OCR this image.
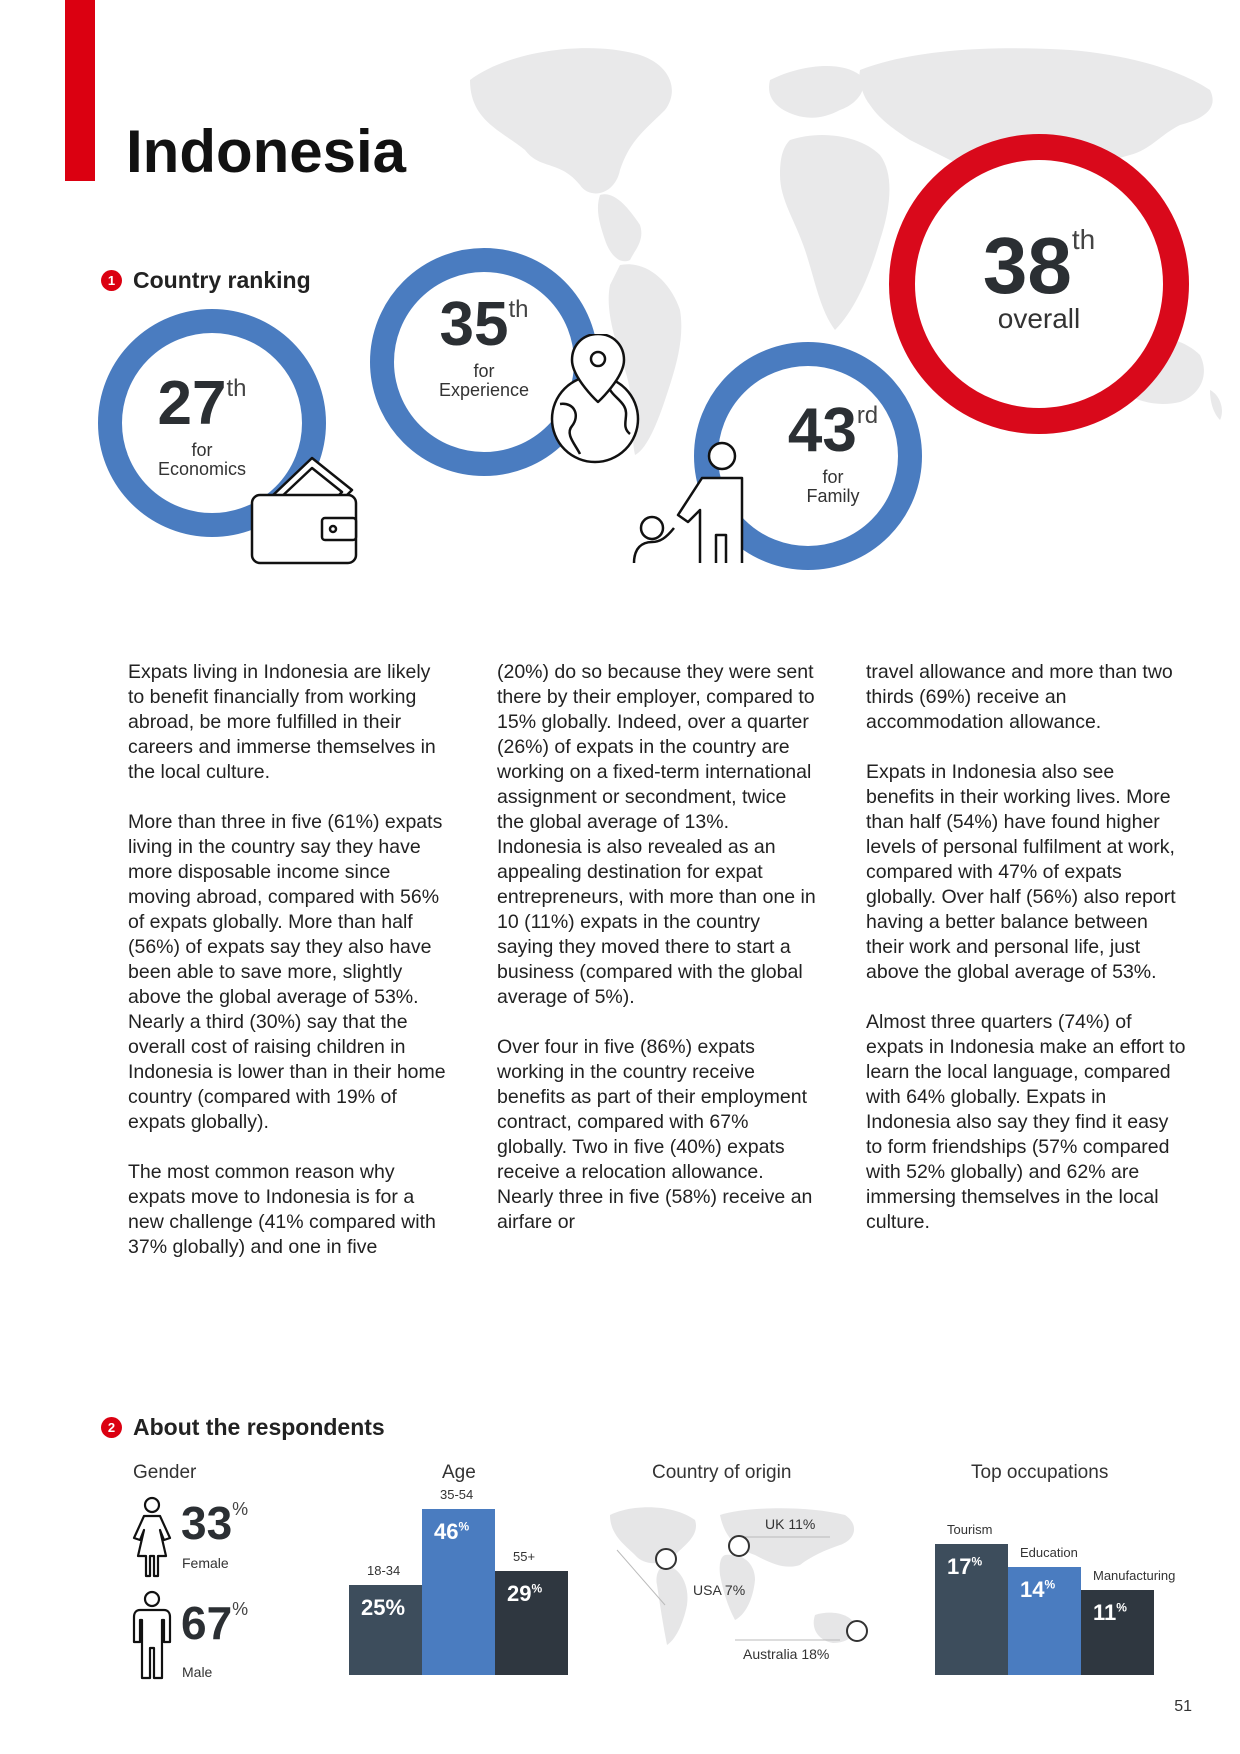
Indonesia
1 Country ranking	38th
overall
27th
for
Economics
35th
for
Experience
43rd
for
Family

Expats living in Indonesia are likely to benefit financially from working abroad, be more fulfilled in their careers and immerse themselves in the local culture.

More than three in five (61%) expats living in the country say they have more disposable income since moving abroad, compared with 56% of expats globally. More than half (56%) of expats say they also have been able to save more, slightly above the global average of 53%. Nearly a third (30%) say that the overall cost of raising children in Indonesia is lower than in their home country (compared with 19% of expats globally).

The most common reason why expats move to Indonesia is for a new challenge (41% compared with 37% globally) and one in five

(20%) do so because they were sent there by their employer, compared to 15% globally. Indeed, over a quarter (26%) of expats in the country are working on a fixed-term international assignment or secondment, twice the global average of 13%. Indonesia is also revealed as an appealing destination for expat entrepreneurs, with more than one in 10 (11%) expats in the country saying they moved there to start a business (compared with the global average of 5%).

Over four in five (86%) expats working in the country receive benefits as part of their employment contract, compared with 67% globally. Two in five (40%) expats receive a relocation allowance. Nearly three in five (58%) receive an airfare or

travel allowance and more than two thirds (69%) receive an accommodation allowance.

Expats in Indonesia also see benefits in their working lives. More than half (54%) have found higher levels of personal fulfilment at work, compared with 47% of expats globally. Over half (56%) also report having a better balance between their work and personal life, just above the global average of 53%.

Almost three quarters (74%) of expats in Indonesia make an effort to learn the local language, compared with 64% globally. Expats in Indonesia also say they find it easy to form friendships (57% compared with 52% globally) and 62% are immersing themselves in the local culture.

2 About the respondents
Gender
33%
Female
67%
Male
Age
18-34
25%
35-54
46%
55+
29%
Country of origin
UK 11%
USA 7%
Australia 18%
Top occupations
Tourism
17%
Education
14%
Manufacturing
11%
51
